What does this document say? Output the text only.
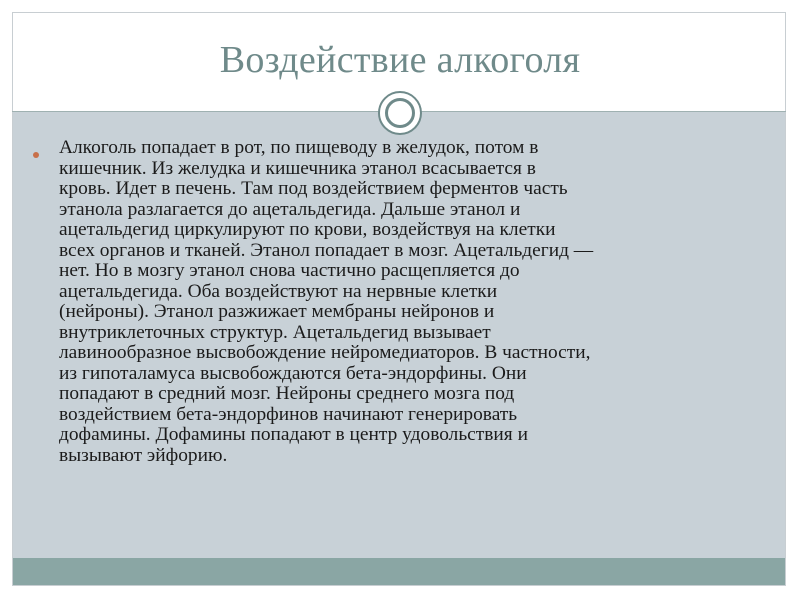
Воздействие алкоголя
Алкоголь попадает в рот, по пищеводу в желудок, потом в
кишечник. Из желудка и кишечника этанол всасывается в
кровь. Идет в печень. Там под воздействием ферментов часть
этанола разлагается до ацетальдегида. Дальше этанол и
ацетальдегид циркулируют по крови, воздействуя на клетки
всех органов и тканей. Этанол попадает в мозг. Ацетальдегид —
нет. Но в мозгу этанол снова частично расщепляется до
ацетальдегида. Оба воздействуют на нервные клетки
(нейроны). Этанол разжижает мембраны нейронов и
внутриклеточных структур. Ацетальдегид вызывает
лавинообразное высвобождение нейромедиаторов. В частности,
из гипоталамуса высвобождаются бета-эндорфины. Они
попадают в средний мозг. Нейроны среднего мозга под
воздействием бета-эндорфинов начинают генерировать
дофамины. Дофамины попадают в центр удовольствия и
вызывают эйфорию.
